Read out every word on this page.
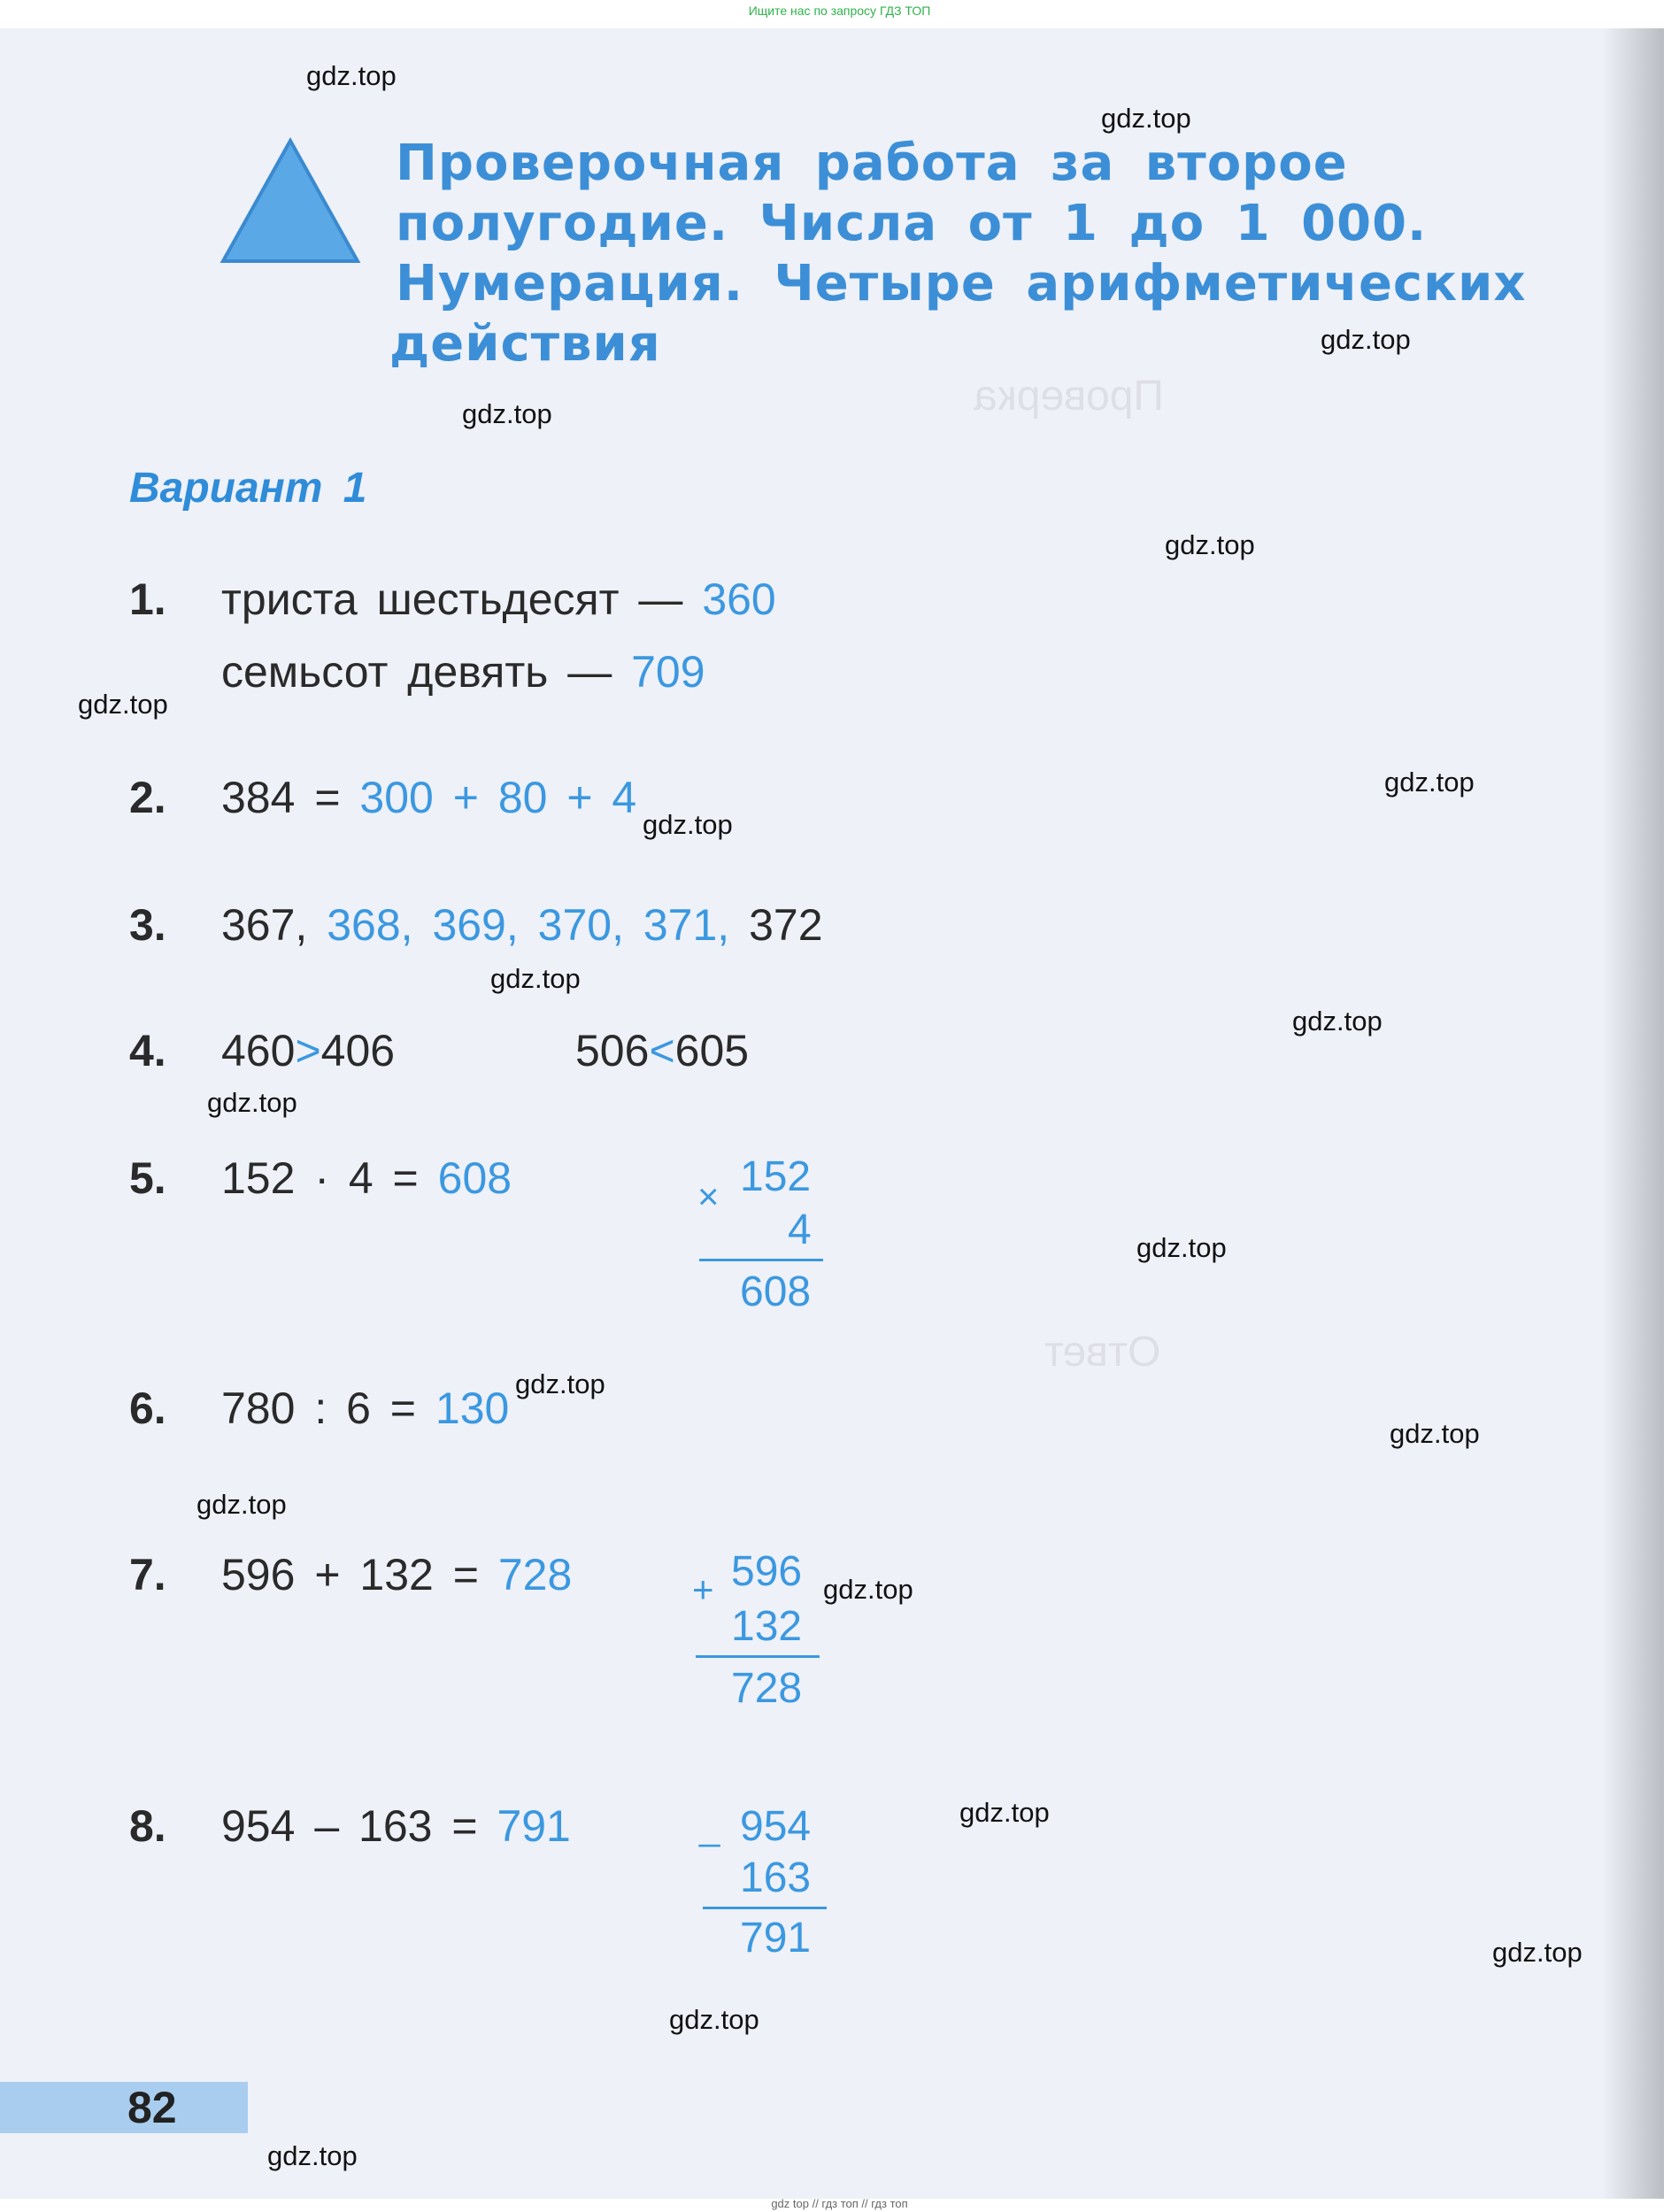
Ищите нас по запросу ГДЗ ТОП
Проверка
Ответ
Проверочная работа за второе
полугодие. Числа от 1 до 1 000.
Нумерация. Четыре арифметических
действия
Вариант 1
1. триста шестьдесят — 360
семьсот девять — 709
2. 384 = 300 + 80 + 4
3. 367, 368, 369, 370, 371, 372
4. 460>406	506<605
5. 152 · 4 = 608	× 152
4
608
6. 780 : 6 = 130
7. 596 + 132 = 728	+ 596
132
728
8. 954 – 163 = 791	_ 954
163
791
82
gdz.top
gdz.top
gdz.top
gdz.top
gdz.top
gdz.top
gdz.top
gdz.top
gdz.top
gdz.top
gdz.top
gdz.top
gdz.top
gdz.top
gdz.top
gdz.top
gdz.top
gdz.top
gdz.top
gdz.top
gdz top // гдз топ // гдз топ
